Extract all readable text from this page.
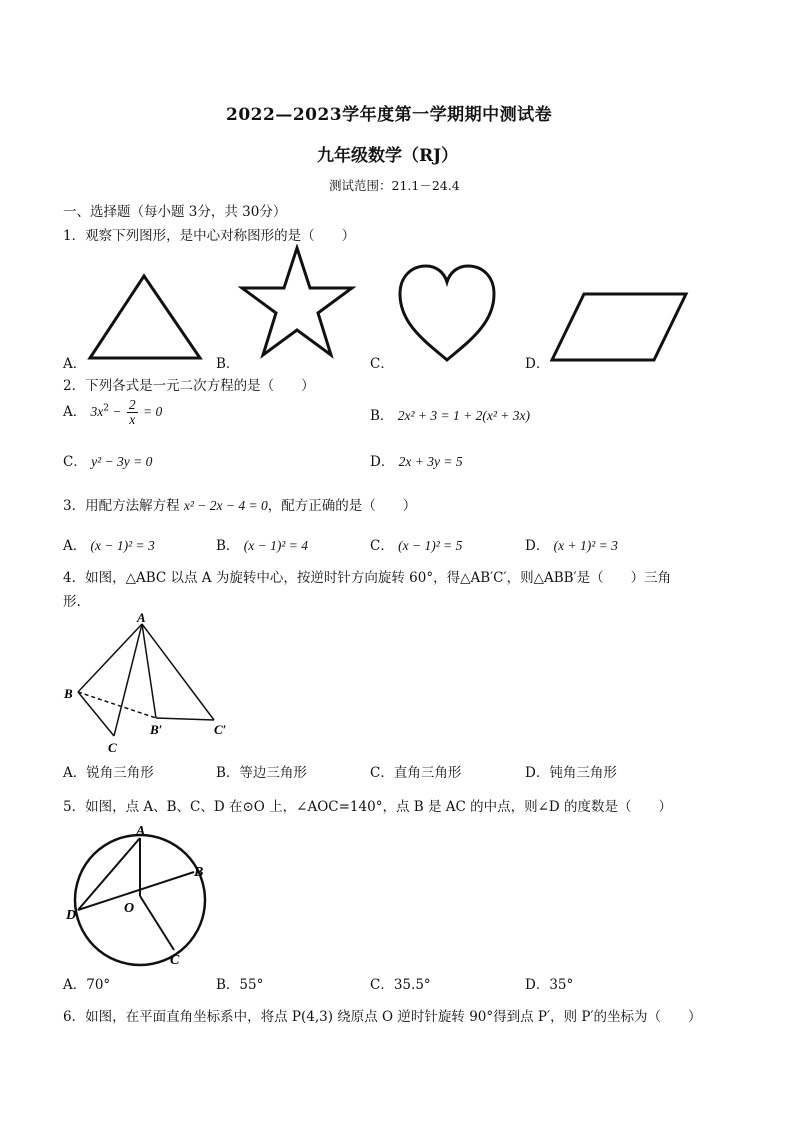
2022—2023学年度第一学期期中测试卷
九年级数学（RJ）
测试范围：21.1－24.4
一、选择题（每小题 3分，共 30分）
1．观察下列图形，是中心对称图形的是（　　）
A．	B．	C．	D．
2．下列各式是一元二次方程的是（　　）
A． $3x^2 - \frac{2}{x} = 0$	B． 2x² + 3 = 1 + 2(x² + 3x)
C． y² − 3y = 0	D． 2x + 3y = 5
3．用配方法解方程 x² − 2x − 4 = 0，配方正确的是（　　）
A． (x − 1)² = 3	B． (x − 1)² = 4	C． (x − 1)² = 5	D． (x + 1)² = 3
4．如图，△ABC 以点 A 为旋转中心，按逆时针方向旋转 60°，得△AB′C′，则△ABB′是（　　）三角
形.
A
B
C
B′	C′
A．锐角三角形	B．等边三角形	C．直角三角形	D．钝角三角形
5．如图，点 A、B、C、D 在⊙O 上，∠AOC=140°，点 B 是 AC 的中点，则∠D 的度数是（　　）
A
B
C
D	O
A．70°	B．55°	C．35.5°	D．35°
6．如图，在平面直角坐标系中，将点 P(4,3) 绕原点 O 逆时针旋转 90°得到点 P′，则 P′的坐标为（　　）
